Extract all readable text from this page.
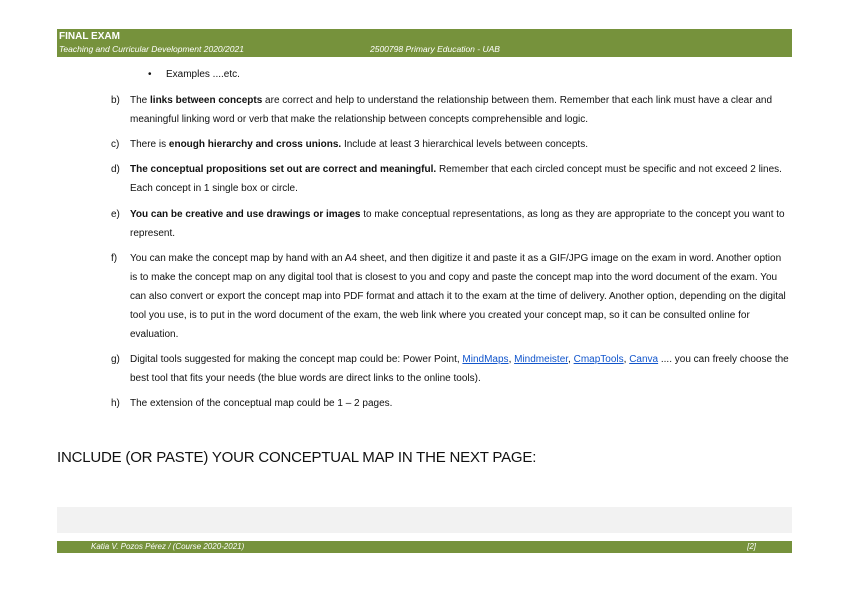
FINAL EXAM
Teaching and Curricular Development 2020/2021	2500798 Primary Education - UAB
• Examples ....etc.
b) The links between concepts are correct and help to understand the relationship between them. Remember that each link must have a clear and meaningful linking word or verb that make the relationship between concepts comprehensible and logic.
c) There is enough hierarchy and cross unions. Include at least 3 hierarchical levels between concepts.
d) The conceptual propositions set out are correct and meaningful. Remember that each circled concept must be specific and not exceed 2 lines. Each concept in 1 single box or circle.
e) You can be creative and use drawings or images to make conceptual representations, as long as they are appropriate to the concept you want to represent.
f) You can make the concept map by hand with an A4 sheet, and then digitize it and paste it as a GIF/JPG image on the exam in word. Another option is to make the concept map on any digital tool that is closest to you and copy and paste the concept map into the word document of the exam. You can also convert or export the concept map into PDF format and attach it to the exam at the time of delivery. Another option, depending on the digital tool you use, is to put in the word document of the exam, the web link where you created your concept map, so it can be consulted online for evaluation.
g) Digital tools suggested for making the concept map could be: Power Point, MindMaps, Mindmeister, CmapTools, Canva .... you can freely choose the best tool that fits your needs (the blue words are direct links to the online tools).
h) The extension of the conceptual map could be 1 – 2 pages.
INCLUDE (OR PASTE) YOUR CONCEPTUAL MAP IN THE NEXT PAGE:
Katia V. Pozos Pérez / (Course 2020-2021)	[2]
